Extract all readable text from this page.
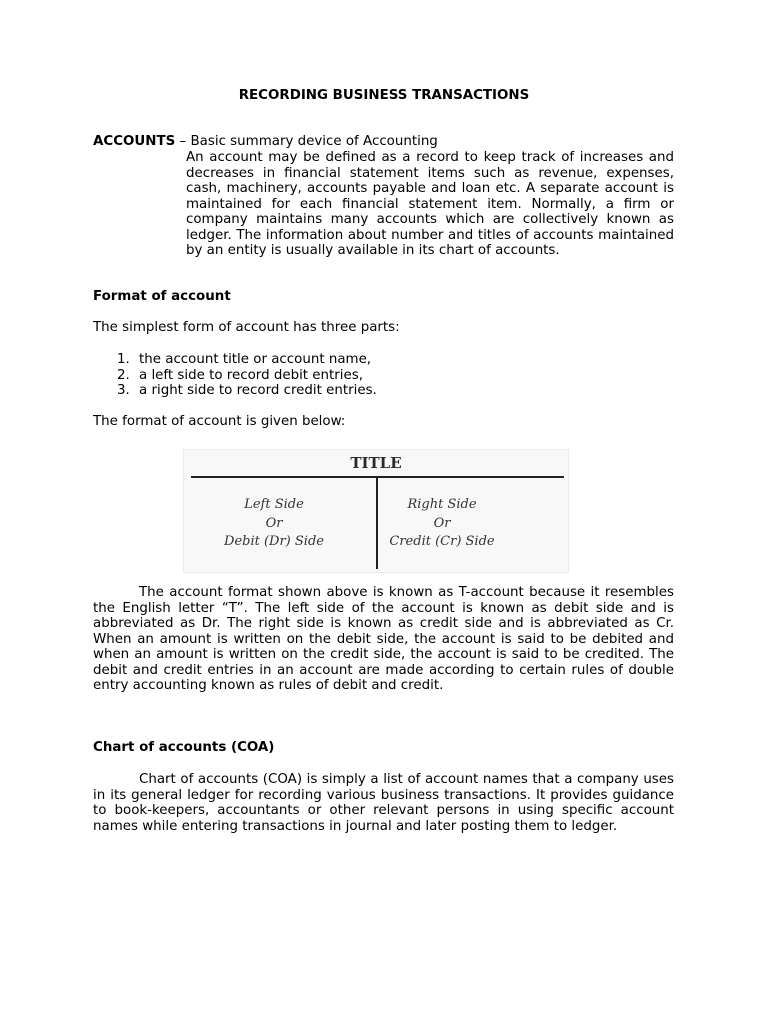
RECORDING BUSINESS TRANSACTIONS
ACCOUNTS – Basic summary device of Accounting
An account may be defined as a record to keep track of increases and decreases in financial statement items such as revenue, expenses, cash, machinery, accounts payable and loan etc. A separate account is maintained for each financial statement item. Normally, a firm or company maintains many accounts which are collectively known as ledger. The information about number and titles of accounts maintained by an entity is usually available in its chart of accounts.
Format of account
The simplest form of account has three parts:
1. the account title or account name,
2. a left side to record debit entries,
3. a right side to record credit entries.
The format of account is given below:
TITLE
Left Side
Or
Debit (Dr) Side
Right Side
Or
Credit (Cr) Side
The account format shown above is known as T-account because it resembles the English letter “T”. The left side of the account is known as debit side and is abbreviated as Dr. The right side is known as credit side and is abbreviated as Cr. When an amount is written on the debit side, the account is said to be debited and when an amount is written on the credit side, the account is said to be credited. The debit and credit entries in an account are made according to certain rules of double entry accounting known as rules of debit and credit.
Chart of accounts (COA)
Chart of accounts (COA) is simply a list of account names that a company uses in its general ledger for recording various business transactions. It provides guidance to book-keepers, accountants or other relevant persons in using specific account names while entering transactions in journal and later posting them to ledger.
